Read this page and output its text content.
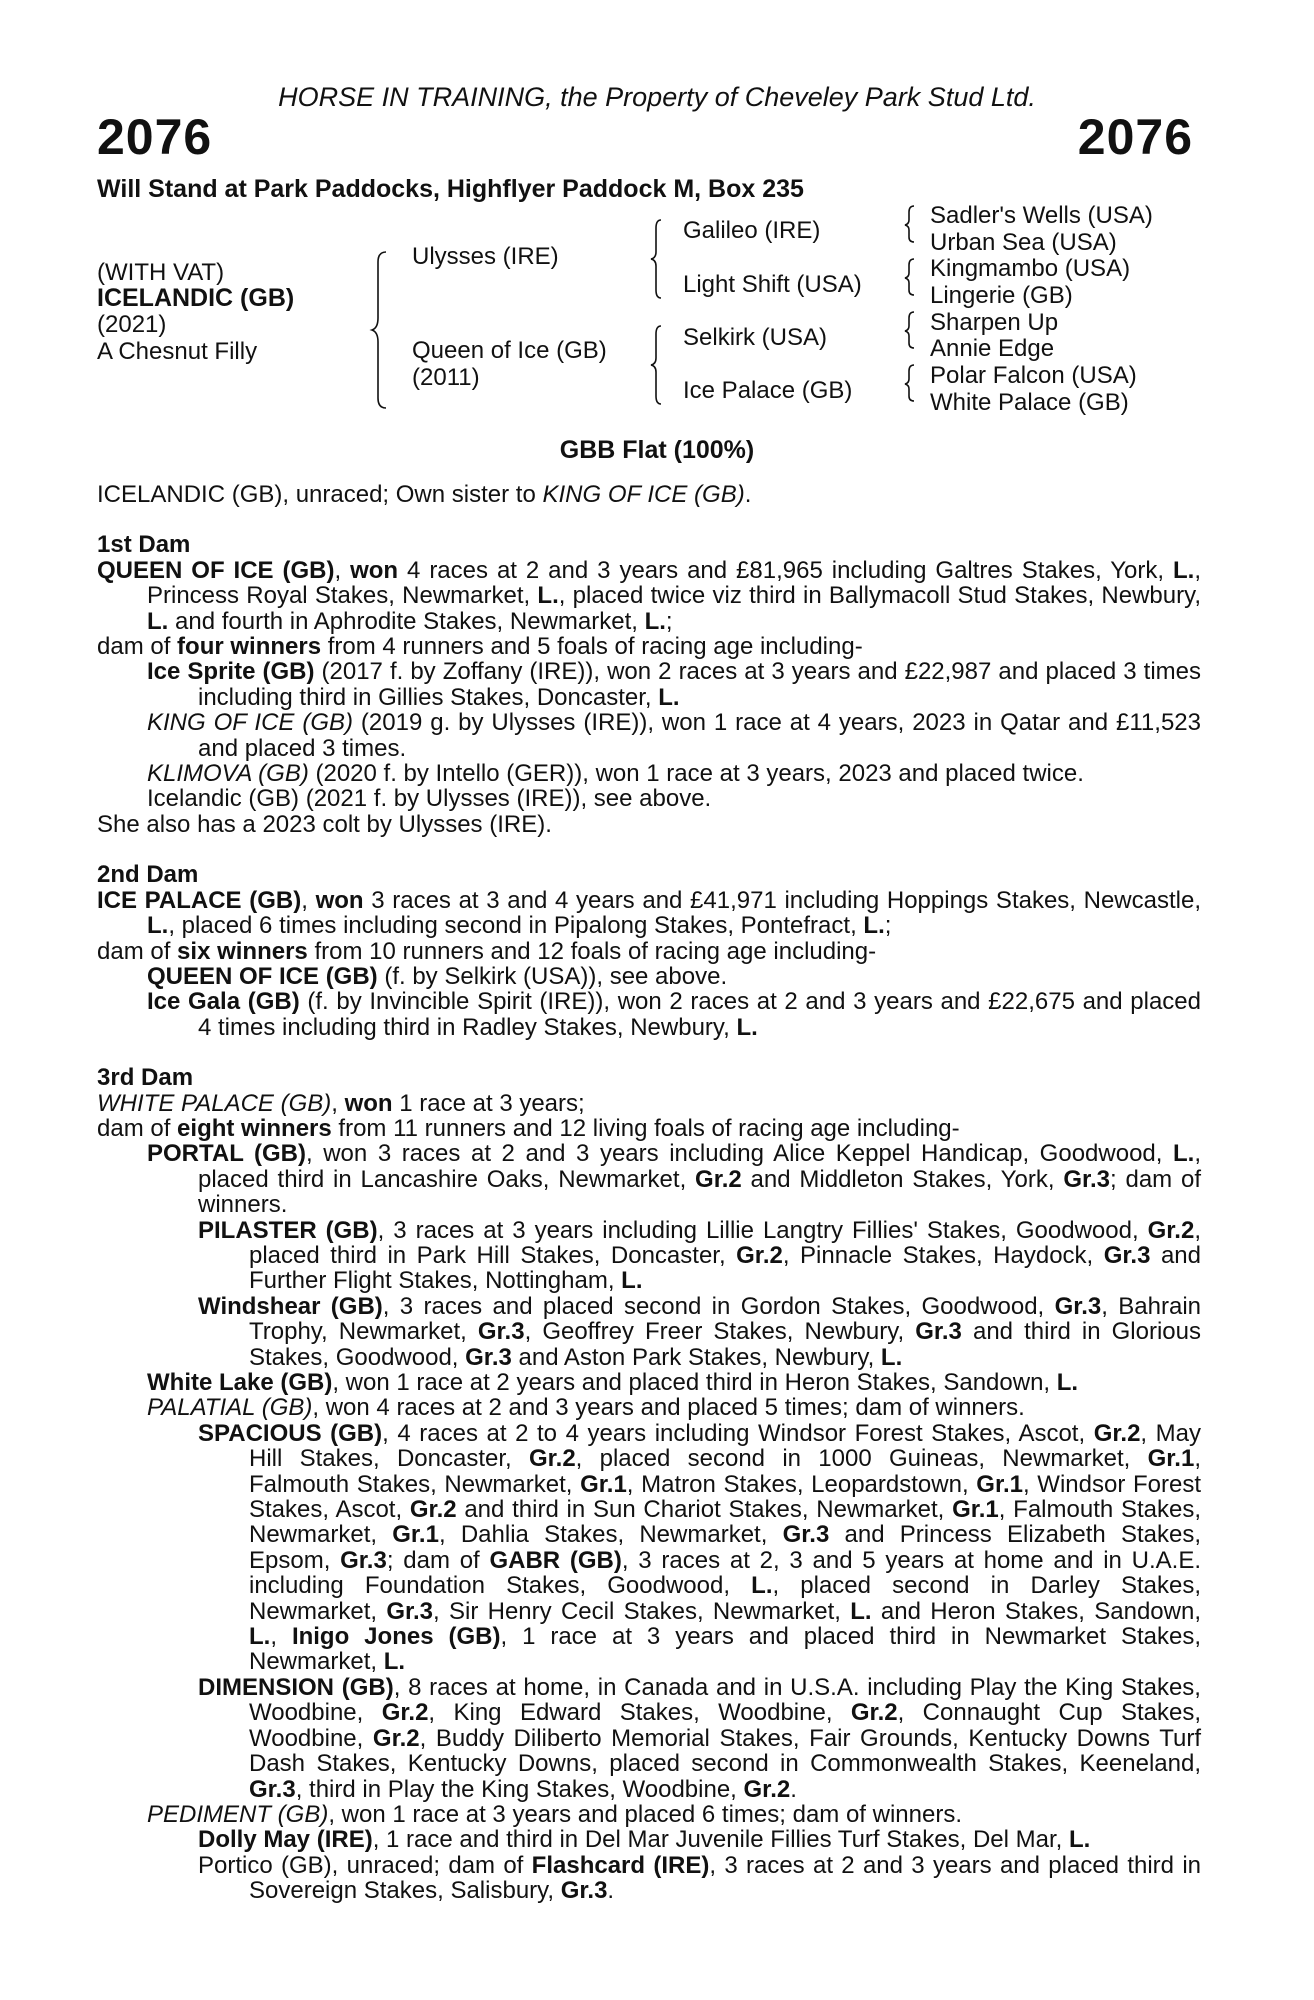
HORSE IN TRAINING, the Property of Cheveley Park Stud Ltd.
2076	2076
Will Stand at Park Paddocks, Highflyer Paddock M, Box 235
(WITH VAT)
ICELANDIC (GB)
(2021)
A Chesnut Filly
Ulysses (IRE)
Queen of Ice (GB)
(2011)
Galileo (IRE)
Light Shift (USA)
Selkirk (USA)
Ice Palace (GB)
Sadler's Wells (USA)
Urban Sea (USA)
Kingmambo (USA)
Lingerie (GB)
Sharpen Up
Annie Edge
Polar Falcon (USA)
White Palace (GB)
GBB Flat (100%)

ICELANDIC (GB), unraced; Own sister to KING OF ICE (GB).

1st Dam

QUEEN OF ICE (GB), won 4 races at 2 and 3 years and £81,965 including Galtres Stakes, York, L., Princess Royal Stakes, Newmarket, L., placed twice viz third in Ballymacoll Stud Stakes, Newbury, L. and fourth in Aphrodite Stakes, Newmarket, L.;

dam of four winners from 4 runners and 5 foals of racing age including-

Ice Sprite (GB) (2017 f. by Zoffany (IRE)), won 2 races at 3 years and £22,987 and placed 3 times including third in Gillies Stakes, Doncaster, L.

KING OF ICE (GB) (2019 g. by Ulysses (IRE)), won 1 race at 4 years, 2023 in Qatar and £11,523 and placed 3 times.

KLIMOVA (GB) (2020 f. by Intello (GER)), won 1 race at 3 years, 2023 and placed twice.

Icelandic (GB) (2021 f. by Ulysses (IRE)), see above.

She also has a 2023 colt by Ulysses (IRE).

2nd Dam

ICE PALACE (GB), won 3 races at 3 and 4 years and £41,971 including Hoppings Stakes, Newcastle, L., placed 6 times including second in Pipalong Stakes, Pontefract, L.;

dam of six winners from 10 runners and 12 foals of racing age including-

QUEEN OF ICE (GB) (f. by Selkirk (USA)), see above.

Ice Gala (GB) (f. by Invincible Spirit (IRE)), won 2 races at 2 and 3 years and £22,675 and placed 4 times including third in Radley Stakes, Newbury, L.

3rd Dam

WHITE PALACE (GB), won 1 race at 3 years;

dam of eight winners from 11 runners and 12 living foals of racing age including-

PORTAL (GB), won 3 races at 2 and 3 years including Alice Keppel Handicap, Goodwood, L., placed third in Lancashire Oaks, Newmarket, Gr.2 and Middleton Stakes, York, Gr.3; dam of winners.

PILASTER (GB), 3 races at 3 years including Lillie Langtry Fillies' Stakes, Goodwood, Gr.2, placed third in Park Hill Stakes, Doncaster, Gr.2, Pinnacle Stakes, Haydock, Gr.3 and Further Flight Stakes, Nottingham, L.

Windshear (GB), 3 races and placed second in Gordon Stakes, Goodwood, Gr.3, Bahrain Trophy, Newmarket, Gr.3, Geoffrey Freer Stakes, Newbury, Gr.3 and third in Glorious Stakes, Goodwood, Gr.3 and Aston Park Stakes, Newbury, L.

White Lake (GB), won 1 race at 2 years and placed third in Heron Stakes, Sandown, L.

PALATIAL (GB), won 4 races at 2 and 3 years and placed 5 times; dam of winners.

SPACIOUS (GB), 4 races at 2 to 4 years including Windsor Forest Stakes, Ascot, Gr.2, May Hill Stakes, Doncaster, Gr.2, placed second in 1000 Guineas, Newmarket, Gr.1, Falmouth Stakes, Newmarket, Gr.1, Matron Stakes, Leopardstown, Gr.1, Windsor Forest Stakes, Ascot, Gr.2 and third in Sun Chariot Stakes, Newmarket, Gr.1, Falmouth Stakes, Newmarket, Gr.1, Dahlia Stakes, Newmarket, Gr.3 and Princess Elizabeth Stakes, Epsom, Gr.3; dam of GABR (GB), 3 races at 2, 3 and 5 years at home and in U.A.E. including Foundation Stakes, Goodwood, L., placed second in Darley Stakes, Newmarket, Gr.3, Sir Henry Cecil Stakes, Newmarket, L. and Heron Stakes, Sandown, L., Inigo Jones (GB), 1 race at 3 years and placed third in Newmarket Stakes, Newmarket, L.

DIMENSION (GB), 8 races at home, in Canada and in U.S.A. including Play the King Stakes, Woodbine, Gr.2, King Edward Stakes, Woodbine, Gr.2, Connaught Cup Stakes, Woodbine, Gr.2, Buddy Diliberto Memorial Stakes, Fair Grounds, Kentucky Downs Turf Dash Stakes, Kentucky Downs, placed second in Commonwealth Stakes, Keeneland, Gr.3, third in Play the King Stakes, Woodbine, Gr.2.

PEDIMENT (GB), won 1 race at 3 years and placed 6 times; dam of winners.

Dolly May (IRE), 1 race and third in Del Mar Juvenile Fillies Turf Stakes, Del Mar, L.

Portico (GB), unraced; dam of Flashcard (IRE), 3 races at 2 and 3 years and placed third in Sovereign Stakes, Salisbury, Gr.3.
